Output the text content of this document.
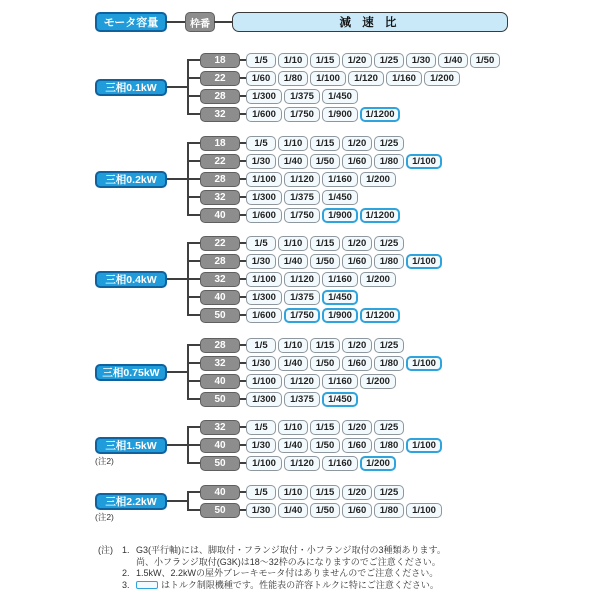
モータ容量	枠番	減 速 比
三相0.1kW
18	1/5	1/10	1/15	1/20	1/25	1/30	1/40	1/50
22	1/60	1/80	1/100	1/120	1/160	1/200
28	1/300	1/375	1/450
32	1/600	1/750	1/900	1/1200
三相0.2kW
18	1/5	1/10	1/15	1/20	1/25
22	1/30	1/40	1/50	1/60	1/80	1/100
28	1/100	1/120	1/160	1/200
32	1/300	1/375	1/450
40	1/600	1/750	1/900	1/1200
三相0.4kW
22	1/5	1/10	1/15	1/20	1/25
28	1/30	1/40	1/50	1/60	1/80	1/100
32	1/100	1/120	1/160	1/200
40	1/300	1/375	1/450
50	1/600	1/750	1/900	1/1200
三相0.75kW
28	1/5	1/10	1/15	1/20	1/25
32	1/30	1/40	1/50	1/60	1/80	1/100
40	1/100	1/120	1/160	1/200
50	1/300	1/375	1/450
三相1.5kW
(注2)
32	1/5	1/10	1/15	1/20	1/25
40	1/30	1/40	1/50	1/60	1/80	1/100
50	1/100	1/120	1/160	1/200
三相2.2kW
(注2)
40	1/5	1/10	1/15	1/20	1/25
50	1/30	1/40	1/50	1/60	1/80	1/100
(注)	1. G3(平行軸)には、脚取付・フランジ取付・小フランジ取付の3種類あります。
尚、小フランジ取付(G3K)は18～32枠のみになりますのでご注意ください。
2. 1.5kW、2.2kWの屋外ブレーキモータ付はありませんのでご注意ください。
3.	はトルク制限機種です。性能表の許容トルクに特にご注意ください。
